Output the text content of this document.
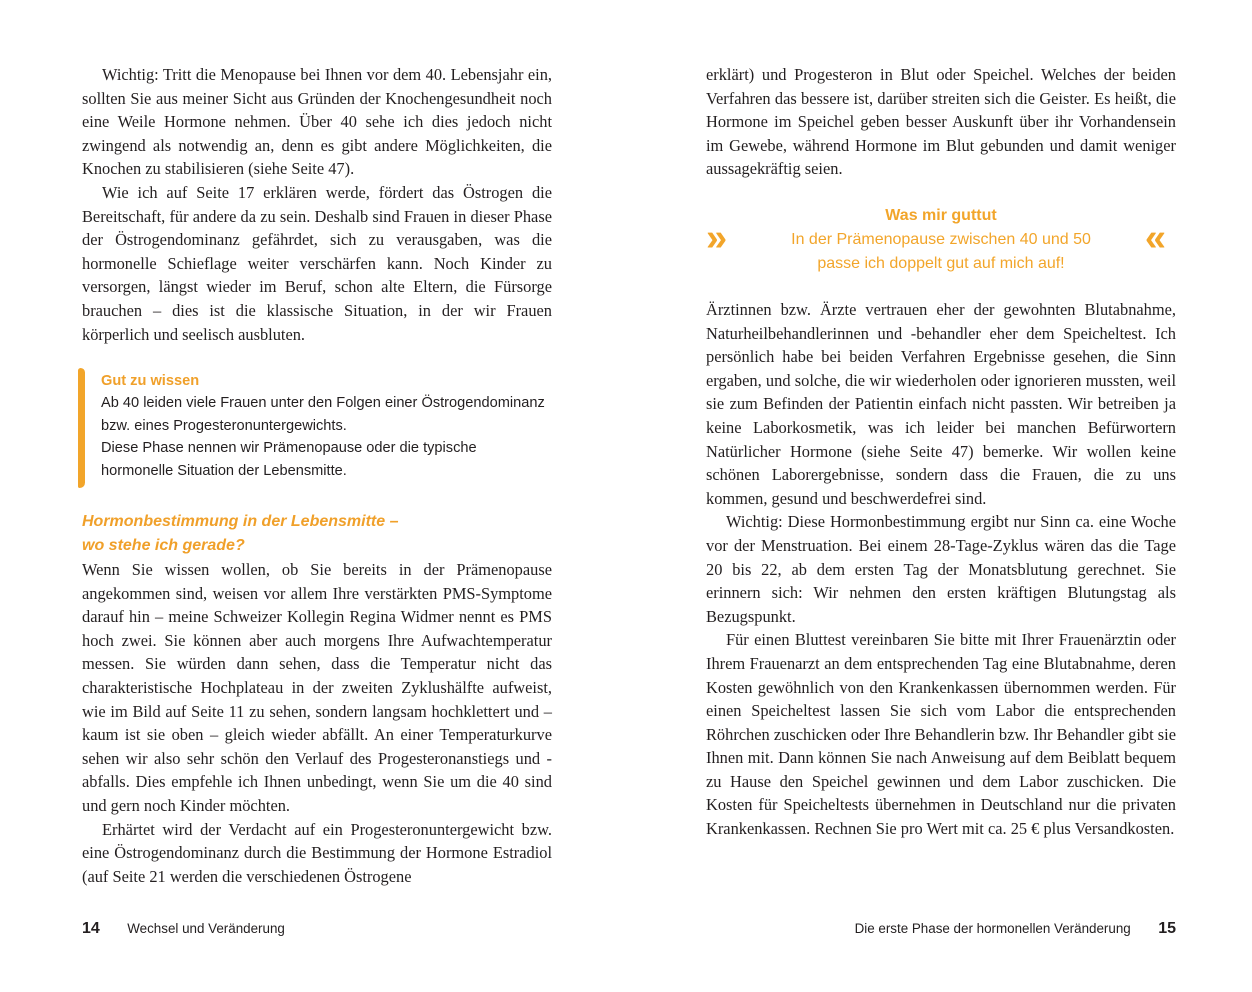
Wichtig: Tritt die Menopause bei Ihnen vor dem 40. Lebensjahr ein, sollten Sie aus meiner Sicht aus Gründen der Knochengesundheit noch eine Weile Hormone nehmen. Über 40 sehe ich dies jedoch nicht zwingend als notwendig an, denn es gibt andere Möglichkeiten, die Knochen zu stabilisieren (siehe Seite 47).

Wie ich auf Seite 17 erklären werde, fördert das Östrogen die Bereitschaft, für andere da zu sein. Deshalb sind Frauen in dieser Phase der Östrogendominanz gefährdet, sich zu verausgaben, was die hormonelle Schieflage weiter verschärfen kann. Noch Kinder zu versorgen, längst wieder im Beruf, schon alte Eltern, die Fürsorge brauchen – dies ist die klassische Situation, in der wir Frauen körperlich und seelisch ausbluten.

Gut zu wissen
Ab 40 leiden viele Frauen unter den Folgen einer Östrogendominanz bzw. eines Progesteronuntergewichts.
Diese Phase nennen wir Prämenopause oder die typische hormonelle Situation der Lebensmitte.
Hormonbestimmung in der Lebensmitte –
wo stehe ich gerade?

Wenn Sie wissen wollen, ob Sie bereits in der Prämenopause angekommen sind, weisen vor allem Ihre verstärkten PMS-Symptome darauf hin – meine Schweizer Kollegin Regina Widmer nennt es PMS hoch zwei. Sie können aber auch morgens Ihre Aufwachtemperatur messen. Sie würden dann sehen, dass die Temperatur nicht das charakteristische Hochplateau in der zweiten Zyklushälfte aufweist, wie im Bild auf Seite 11 zu sehen, sondern langsam hochklettert und – kaum ist sie oben – gleich wieder abfällt. An einer Temperaturkurve sehen wir also sehr schön den Verlauf des Progesteronanstiegs und -abfalls. Dies empfehle ich Ihnen unbedingt, wenn Sie um die 40 sind und gern noch Kinder möchten.

Erhärtet wird der Verdacht auf ein Progesteronuntergewicht bzw. eine Östrogendominanz durch die Bestimmung der Hormone Estradiol (auf Seite 21 werden die verschiedenen Östrogene

14 Wechsel und Veränderung

erklärt) und Progesteron in Blut oder Speichel. Welches der beiden Verfahren das bessere ist, darüber streiten sich die Geister. Es heißt, die Hormone im Speichel geben besser Auskunft über ihr Vorhandensein im Gewebe, während Hormone im Blut gebunden und damit weniger aussagekräftig seien.

»
Was mir guttut
In der Prämenopause zwischen 40 und 50
passe ich doppelt gut auf mich auf!
«

Ärztinnen bzw. Ärzte vertrauen eher der gewohnten Blutabnahme, Naturheilbehandlerinnen und -behandler eher dem Speicheltest. Ich persönlich habe bei beiden Verfahren Ergebnisse gesehen, die Sinn ergaben, und solche, die wir wiederholen oder ignorieren mussten, weil sie zum Befinden der Patientin einfach nicht passten. Wir betreiben ja keine Laborkosmetik, was ich leider bei manchen Befürwortern Natürlicher Hormone (siehe Seite 47) bemerke. Wir wollen keine schönen Laborergebnisse, sondern dass die Frauen, die zu uns kommen, gesund und beschwerdefrei sind.

Wichtig: Diese Hormonbestimmung ergibt nur Sinn ca. eine Woche vor der Menstruation. Bei einem 28-Tage-Zyklus wären das die Tage 20 bis 22, ab dem ersten Tag der Monatsblutung gerechnet. Sie erinnern sich: Wir nehmen den ersten kräftigen Blutungstag als Bezugspunkt.

Für einen Bluttest vereinbaren Sie bitte mit Ihrer Frauenärztin oder Ihrem Frauenarzt an dem entsprechenden Tag eine Blutabnahme, deren Kosten gewöhnlich von den Krankenkassen übernommen werden. Für einen Speicheltest lassen Sie sich vom Labor die entsprechenden Röhrchen zuschicken oder Ihre Behandlerin bzw. Ihr Behandler gibt sie Ihnen mit. Dann können Sie nach Anweisung auf dem Beiblatt bequem zu Hause den Speichel gewinnen und dem Labor zuschicken. Die Kosten für Speicheltests übernehmen in Deutschland nur die privaten Krankenkassen. Rechnen Sie pro Wert mit ca. 25 € plus Versandkosten.

Die erste Phase der hormonellen Veränderung 15
